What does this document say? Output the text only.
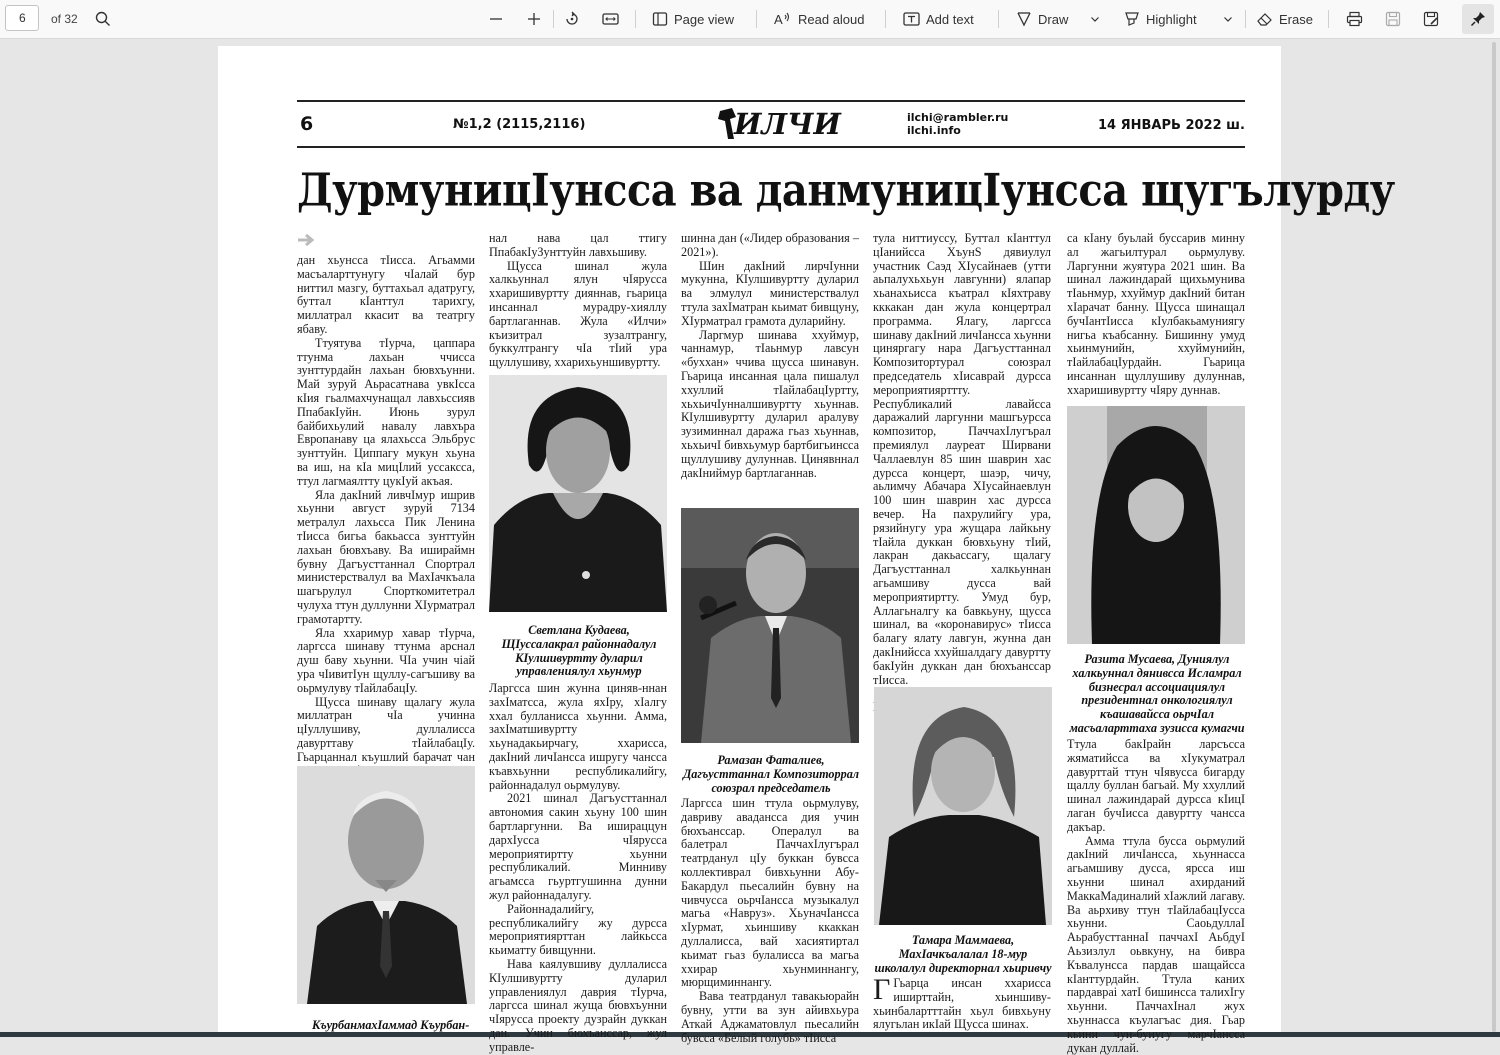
6	of 32	Page view	A Read aloud	Add text	Draw	Highlight	Erase
6	№1,2 (2115,2116)	ИЛЧИ	ilchi@rambler.ru
ilchi.info	14 ЯНВАРЬ 2022 ш.
ДурмуницIунсса ва данмуницIунсса щугълурду

дан хьунсса тIисса. Агьамми масъаларттунугу чIалай бур ниттил мазгу, буттахьал адатругу, буттал кIанттул тарихгу, миллатрал ккасит ва театргу ябаву.

Ттуятува тIурча, цаппара ттунма лахьан ччисса зунттурдайн лахьан бювхъунни. Май зуруй Аьрасатнава увкIсса кIия гьалмахчунащал лавхьссияв ПпабакIуйн. Июнь зурул байбихьулий навалу лавхъра Европанаву ца ялахьсса Эльбрус зунттуйн. Циппагу мукун хьуна ва иш, на кIа мицIлий уссаксса, ттул лагмаялтту цукIуй акъая.

Яла дакIний ливчIмур ишрив хьунни август зуруй 7134 метралул лахьсса Пик Ленина тIисса бигьа бакьасса зунттуйн лахьан бювхъаву. Ва ишираймн бувну Дагъусттаннал Спортрал министерствалул ва МахIачкъала шагьрулул Спорткомитетрал чулуха ттун дуллунни ХIурматрал грамотартту.

Яла ххаримур хавар тIурча, ларгсса шинаву ттунма арснал душ баву хьунни. ЧIа учин чiай ура чIивитIун щуллу-сагъшиву ва оьрмулуву тIайлабацIу.

Щусса шинаву щалагу жула миллатран чIа учинна цIуллушиву, дуллалисса давурттаву тIайлабацIу. Гьарцаннал къушлий барачат чан

КъурбанмахIаммад Къурбан-

нал нава цал ттигу ПпабакIуЗунттуйн лавхьшиву.

Щусса шинал жула халкьуннал ялун чIярусса ххаришивуртту дияннав, гьарица инсаннал мурадру-хияллу бартлаганнав. Жула «Илчи» къизитрал зузалтрангу, буккултрангу чIа тIий ура щуллушиву, ххарихьуншивуртту.

Светлана Кудаева, ЩIуссалакрал районнадалул КIулшивуртту дуларил управлениялул хьунмур

Ларгсса шин жунна циняв-ннан захIматсса, жула яхIру, хIалгу ххал булланисса хьунни. Амма, захIматшивуртту хьунадакьирчагу, ххарисса, дакIний личIансса ишругу чансса къавхьунни республикалийгу, районнадалул оьрмулуву.

2021 шинал Дагъусттаннал автономия сакин хьуну 100 шин бартларгунни. Ва ишираццун дархIусса чIярусса мероприятиртту хьунни республикалий. Минниву агьамсса гьуртгушинна дунни жул районнадалугу.

Районнадалийгу, республикалийгу жу дурсса мероприятиярттан лайкьсса кьиматту бивщунни.

Нава каялувшиву дуллалисса КIулшивуртту дуларил управлениялул даврия тIурча, ларгсса шинал жуща бювхъунни чIярусса проекту дузрайн дуккан дан. Учин бюхъанссар, жул управле-

шинна дан («Лидер образования – 2021»).

Шин дакIний лирчIунни мукунна, КIулшивуртту дуларил ва элмулул министерствалул ттула захIматран кьимат бивщуну, ХIурматрал грамота дуларийну.

Ларгмур шинава ххуймур, чаннамур, тIаьнмур лавсун «буххан» ччива щусса шинавун. Гьарица инсанная цала пишалул ххуллий тIайлабацIуртту, хьхьичIунналшивуртту хьуннав. КIулшивуртту дуларил аралуву зузиминнал даража гьаз хьуннав, хьхьичI бивхьумур бартбигьинсса щуллушиву дулуннав. Цинявннал дакIниймур бартлаганнав.

Рамазан Фаталиев, Дагъусттаннал Композиторрал союзрал председатель

Ларгсса шин ттула оьрмулуву, давриву авадансса дия учин бюхъанссар. Опералул ва балетрал ПаччахIлугърал театрданул цIу буккан бувсса коллективрал бивхьунни Абу-Бакардул пьесалийн бувну на чивчусса оьрчIансса музыкалул магьа «Навруз». ХьуначIансса хIурмат, хьиншиву ккаккан дуллалисса, вай хасиятиртал кьимат гьаз булалисса ва магьа ххирар хьунминнангу, мюрщиминнангу.

Вава театрданул тавакьюрайн бувну, утти ва зун айивхьура Аткай Аджаматовлул пьесалийн бувсса «Белый голубь» тIисса

тула ниттиуссу, Буттал кIанттул цIанийсса ХъунS дявиулул участник Саэд ХIусайнаев (утти аьпалухьхьун лавгунни) ялапар хьанахьисса къатрал кIяхтраву кккакан дан жула концертрал программа. Ялагу, ларгсса шинаву дакIний личIансса хьунни циняргагу нара Дагъусттаннал Композитортурал союзрал председатель хIисаврай дурсса мероприятиярттту. Республикалий лавайсса даражалий ларгунни машгьурсса композитор, ПаччахIлугърал премиялул лауреат Ширвани Чаллаевлун 85 шин шаврин хас дурсса концерт, шаэр, чичу, аьлимчу Абачара ХIусайнаевлун 100 шин шаврин хас дурсса вечер. На пахрулийгу ура, рязийнугу ура жущара лайкьну тIайла дуккан бювхьуну тIий, лакран дакьассагу, щалагу Дагъусттаннал халкьуннан агьамшиву дусса вай мероприятиртту. Умуд бур, Аллагьналгу ка бавкьуну, щусса шинал, ва «коронавирус» тIисса балагу ялату лавгун, жунна дан дакIнийсса ххуйшалдагу давуртту бакIуйн дуккан дан бюхъанссар тIисса.

Тамара Маммаева, МахIачкъалалал 18-мур школалул директорнал хьиривчу

Г Гьарца инсан ххарисса иширттайн, хьиншиву-хьинбалартттайн хьул бивхьуну ялугьлан икIай Щусса шинах.

са кIану буьлай буссарив минну ал жагьилтурал оьрмулуву. Ларгунни жуятура 2021 шин. Ва шинал лажиндарай щихьмунива тIаьнмур, ххуймур дакIний битан хIарачат банну. Щусса шинащал бучIантIисса кIулбакьамуниягу нигьа къабсанну. Бишинну умуд хьинмунийн, ххуймунийн, тIайлабацIурдайн. Гьарица инсаннан щуллушиву дулуннав, ххаришивуртту чIяру дуннав.

Разита Мусаева, Дуниялул халкьуннал дянивсса Исламрал бизнесрал ассоциациялул президентнал онкологиялул къашавайсса оьрчIал масъаларттаха зузисса кумагчи

Ттула бакIрайн ларсъсса жяматийсса ва хIукуматрал давурттай ттун чIявусса бигарду щаллу буллан багьай. Му ххуллий шинал лажиндарай дурсса кIицI лаган бучIисса давуртту чансса дакъар.

Амма ттула бусса оьрмулий дакIний личIансса, хьуннасса агьамшиву дусса, ярсса иш хьунни шинал ахирданий МаккаМадиналий хIажлий лагаву. Ва аьрхиву ттун тIайлабацIусса хьунни. СаоьдуллаI АьрабусттаннаI паччахI АьбдуI Аьзизлул оьвкуну, на бивра Къвалунсса пардав шащайсса кIанттурдайн. Ттула каних пардавраi хатI бишинсса талихIгу хьунни. ПаччахIнал жух хьуннасса къулагъас дия. Гьар кьини чун-бунугу марчIансса дукан дуллай.
